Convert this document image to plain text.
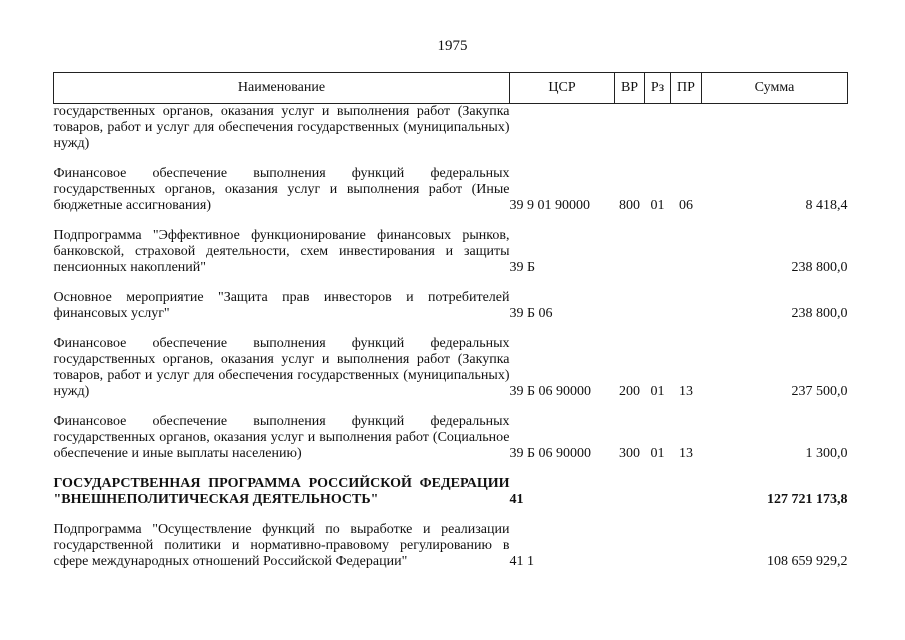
1975
Наименование	ЦСР	ВР	Рз	ПР	Сумма
государственных органов, оказания услуг и выполнения работ (Закупка товаров, работ и услуг для обеспечения государственных (муниципальных) нужд)					

Финансовое обеспечение выполнения функций федеральных государственных органов, оказания услуг и выполнения работ (Иные бюджетные ассигнования)	39 9 01 90000	800	01	06	8 418,4

Подпрограмма "Эффективное функционирование финансовых рынков, банковской, страховой деятельности, схем инвестирования и защиты пенсионных накоплений"	39 Б				238 800,0

Основное мероприятие "Защита прав инвесторов и потребителей финансовых услуг"	39 Б 06				238 800,0

Финансовое обеспечение выполнения функций федеральных государственных органов, оказания услуг и выполнения работ (Закупка товаров, работ и услуг для обеспечения государственных (муниципальных) нужд)	39 Б 06 90000	200	01	13	237 500,0

Финансовое обеспечение выполнения функций федеральных государственных органов, оказания услуг и выполнения работ (Социальное обеспечение и иные выплаты населению)	39 Б 06 90000	300	01	13	1 300,0

ГОСУДАРСТВЕННАЯ ПРОГРАММА РОССИЙСКОЙ ФЕДЕРАЦИИ "ВНЕШНЕПОЛИТИЧЕСКАЯ ДЕЯТЕЛЬНОСТЬ"	41				127 721 173,8

Подпрограмма "Осуществление функций по выработке и реализации государственной политики и нормативно-правовому регулированию в сфере международных отношений Российской Федерации"	41 1				108 659 929,2
